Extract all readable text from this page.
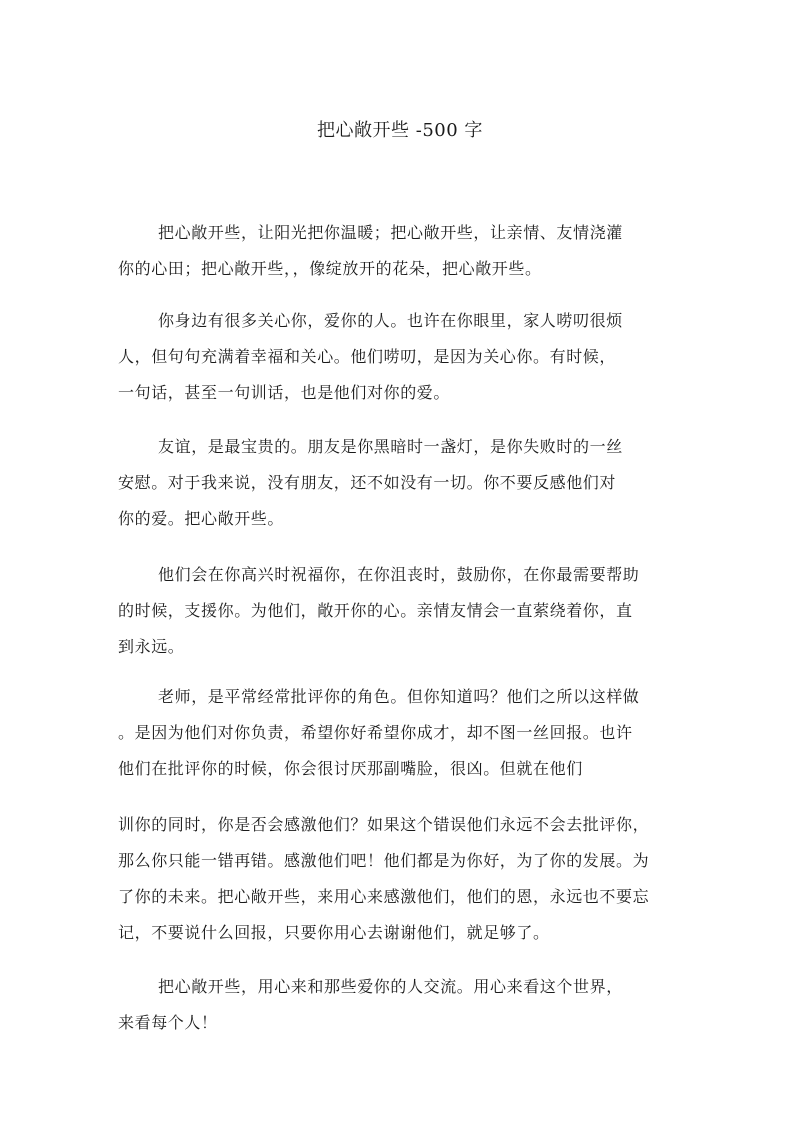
把心敞开些 -500 字
把心敞开些，让阳光把你温暖；把心敞开些，让亲情、友情浇灌
你的心田；把心敞开些，，像绽放开的花朵，把心敞开些。
你身边有很多关心你，爱你的人。也许在你眼里，家人唠叨很烦
人，但句句充满着幸福和关心。他们唠叨，是因为关心你。有时候，
一句话，甚至一句训话，也是他们对你的爱。
友谊，是最宝贵的。朋友是你黑暗时一盏灯，是你失败时的一丝
安慰。对于我来说，没有朋友，还不如没有一切。你不要反感他们对
你的爱。把心敞开些。
他们会在你高兴时祝福你，在你沮丧时，鼓励你，在你最需要帮助
的时候，支援你。为他们，敞开你的心。亲情友情会一直萦绕着你，直
到永远。
老师，是平常经常批评你的角色。但你知道吗？他们之所以这样做
。是因为他们对你负责，希望你好希望你成才，却不图一丝回报。也许
他们在批评你的时候，你会很讨厌那副嘴脸，很凶。但就在他们
训你的同时，你是否会感激他们？如果这个错误他们永远不会去批评你，
那么你只能一错再错。感激他们吧！他们都是为你好，为了你的发展。为
了你的未来。把心敞开些，来用心来感激他们，他们的恩，永远也不要忘
记，不要说什么回报，只要你用心去谢谢他们，就足够了。
把心敞开些，用心来和那些爱你的人交流。用心来看这个世界，
来看每个人！
